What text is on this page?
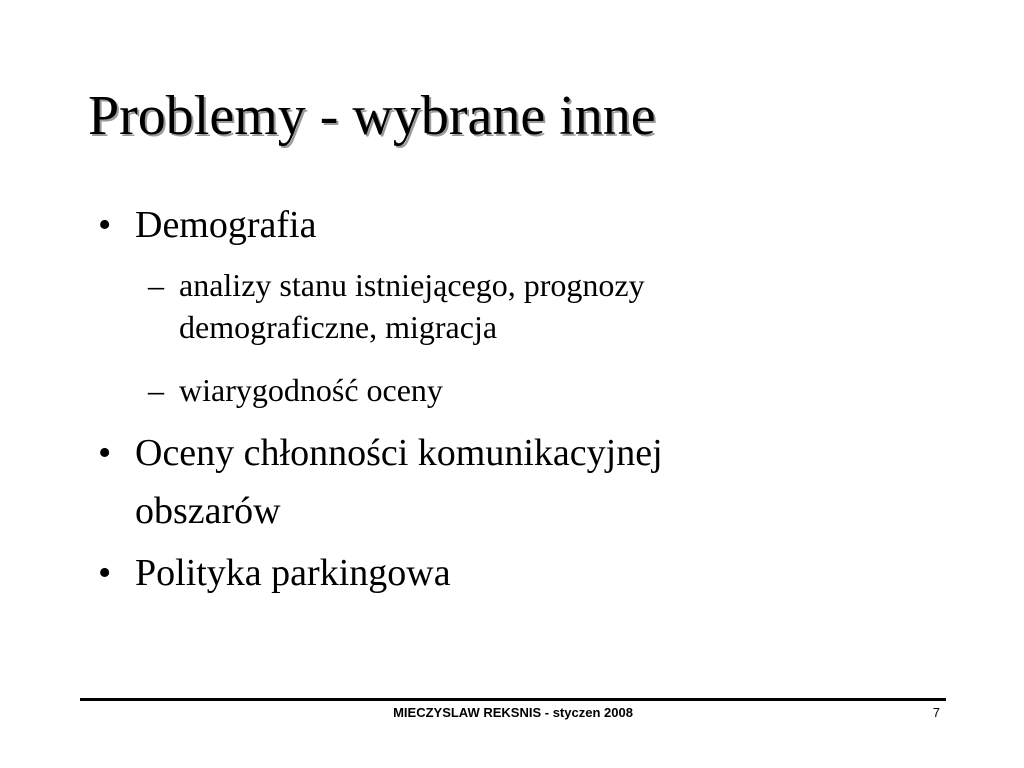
Problemy - wybrane inne
• Demografia
– analizy stanu istniejącego, prognozy demograficzne, migracja
– wiarygodność oceny
• Oceny chłonności komunikacyjnej obszarów
• Polityka parkingowa
MIECZYSLAW REKSNIS - styczen 2008	7
